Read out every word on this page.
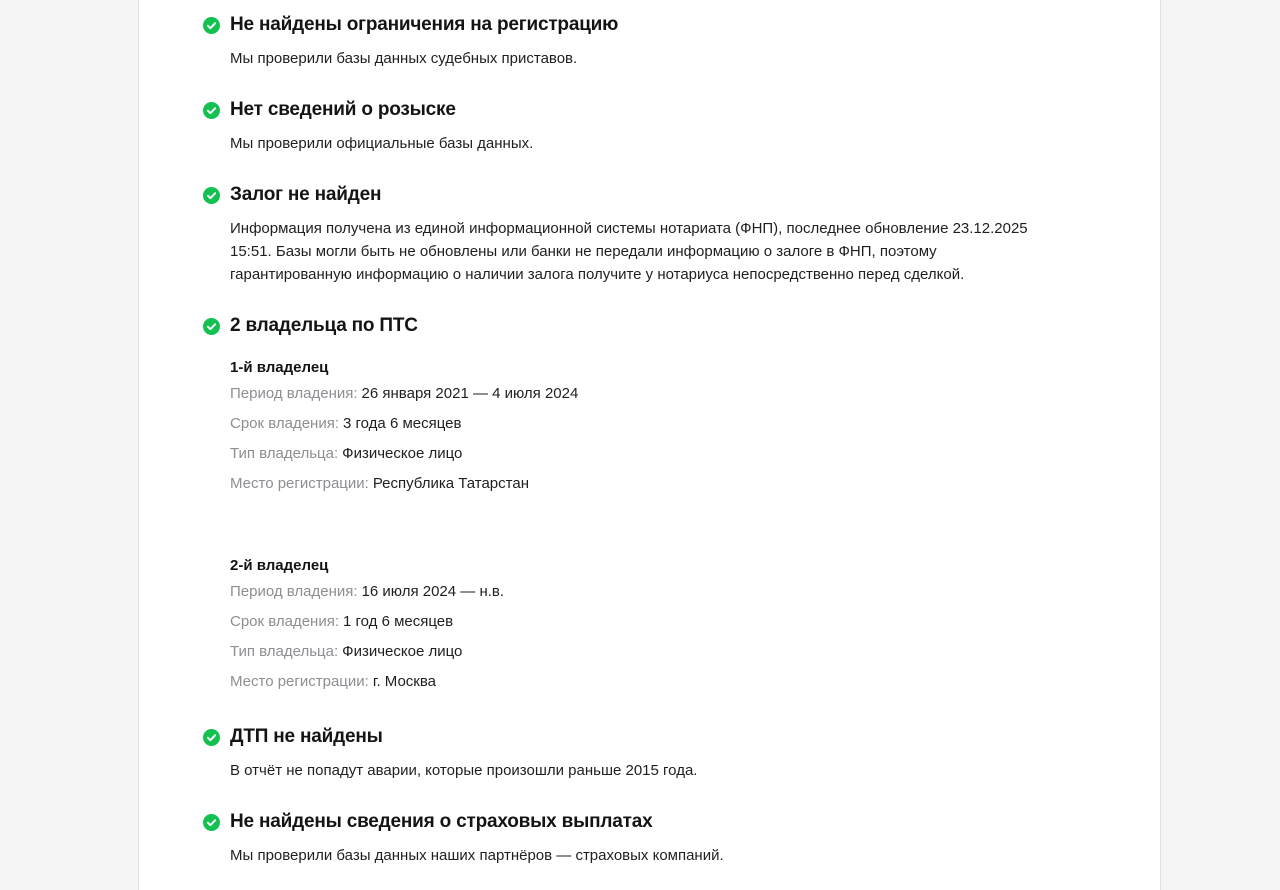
Не найдены ограничения на регистрацию

Мы проверили базы данных судебных приставов.

Нет сведений о розыске

Мы проверили официальные базы данных.

Залог не найден

Информация получена из единой информационной системы нотариата (ФНП), последнее обновление 23.12.2025 15:51. Базы могли быть не обновлены или банки не передали информацию о залоге в ФНП, поэтому гарантированную информацию о наличии залога получите у нотариуса непосредственно перед сделкой.

2 владельца по ПТС
1-й владелец
Период владения: 26 января 2021 — 4 июля 2024
Срок владения: 3 года 6 месяцев
Тип владельца: Физическое лицо
Место регистрации: Республика Татарстан
2-й владелец
Период владения: 16 июля 2024 — н.в.
Срок владения: 1 год 6 месяцев
Тип владельца: Физическое лицо
Место регистрации: г. Москва
ДТП не найдены

В отчёт не попадут аварии, которые произошли раньше 2015 года.

Не найдены сведения о страховых выплатах

Мы проверили базы данных наших партнёров — страховых компаний.
